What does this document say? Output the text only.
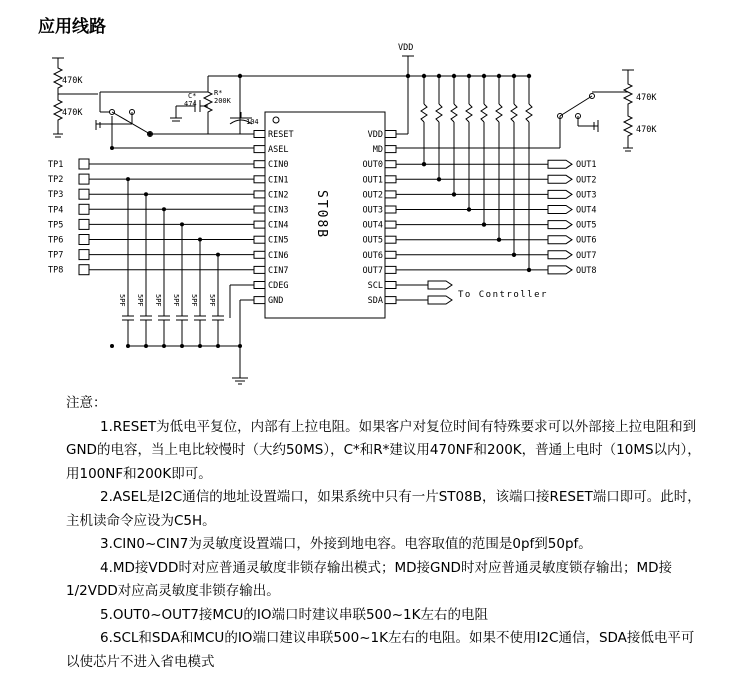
应用线路
VDD
470K
470K
470K
470K
C*
474
R*
200K
104
To Controller
ST08B
RESET
ASEL
CIN0
CIN1
CIN2
CIN3
CIN4
CIN5
CIN6
CIN7
CDEG
GND
VDD
MD
OUT0
OUT1
OUT2
OUT3
OUT4
OUT5
OUT6
OUT7
SCL
SDA
TP1
TP2
TP3
TP4
TP5
TP6
TP7
TP8
5PF 5PF 5PF 5PF 5PF 5PF
OUT1
OUT2
OUT3
OUT4
OUT5
OUT6
OUT7
OUT8

注意：

1.RESET为低电平复位，内部有上拉电阻。如果客户对复位时间有特殊要求可以外部接上拉电阻和到GND的电容，当上电比较慢时（大约50MS），C*和R*建议用470NF和200K，普通上电时（10MS以内），用100NF和200K即可。

2.ASEL是I2C通信的地址设置端口，如果系统中只有一片ST08B，该端口接RESET端口即可。此时，主机读命令应设为C5H。

3.CIN0~CIN7为灵敏度设置端口，外接到地电容。电容取值的范围是0pf到50pf。

4.MD接VDD时对应普通灵敏度非锁存输出模式；MD接GND时对应普通灵敏度锁存输出；MD接1/2VDD对应高灵敏度非锁存输出。

5.OUT0~OUT7接MCU的IO端口时建议串联500~1K左右的电阻

6.SCL和SDA和MCU的IO端口建议串联500~1K左右的电阻。如果不使用I2C通信，SDA接低电平可以使芯片不进入省电模式
